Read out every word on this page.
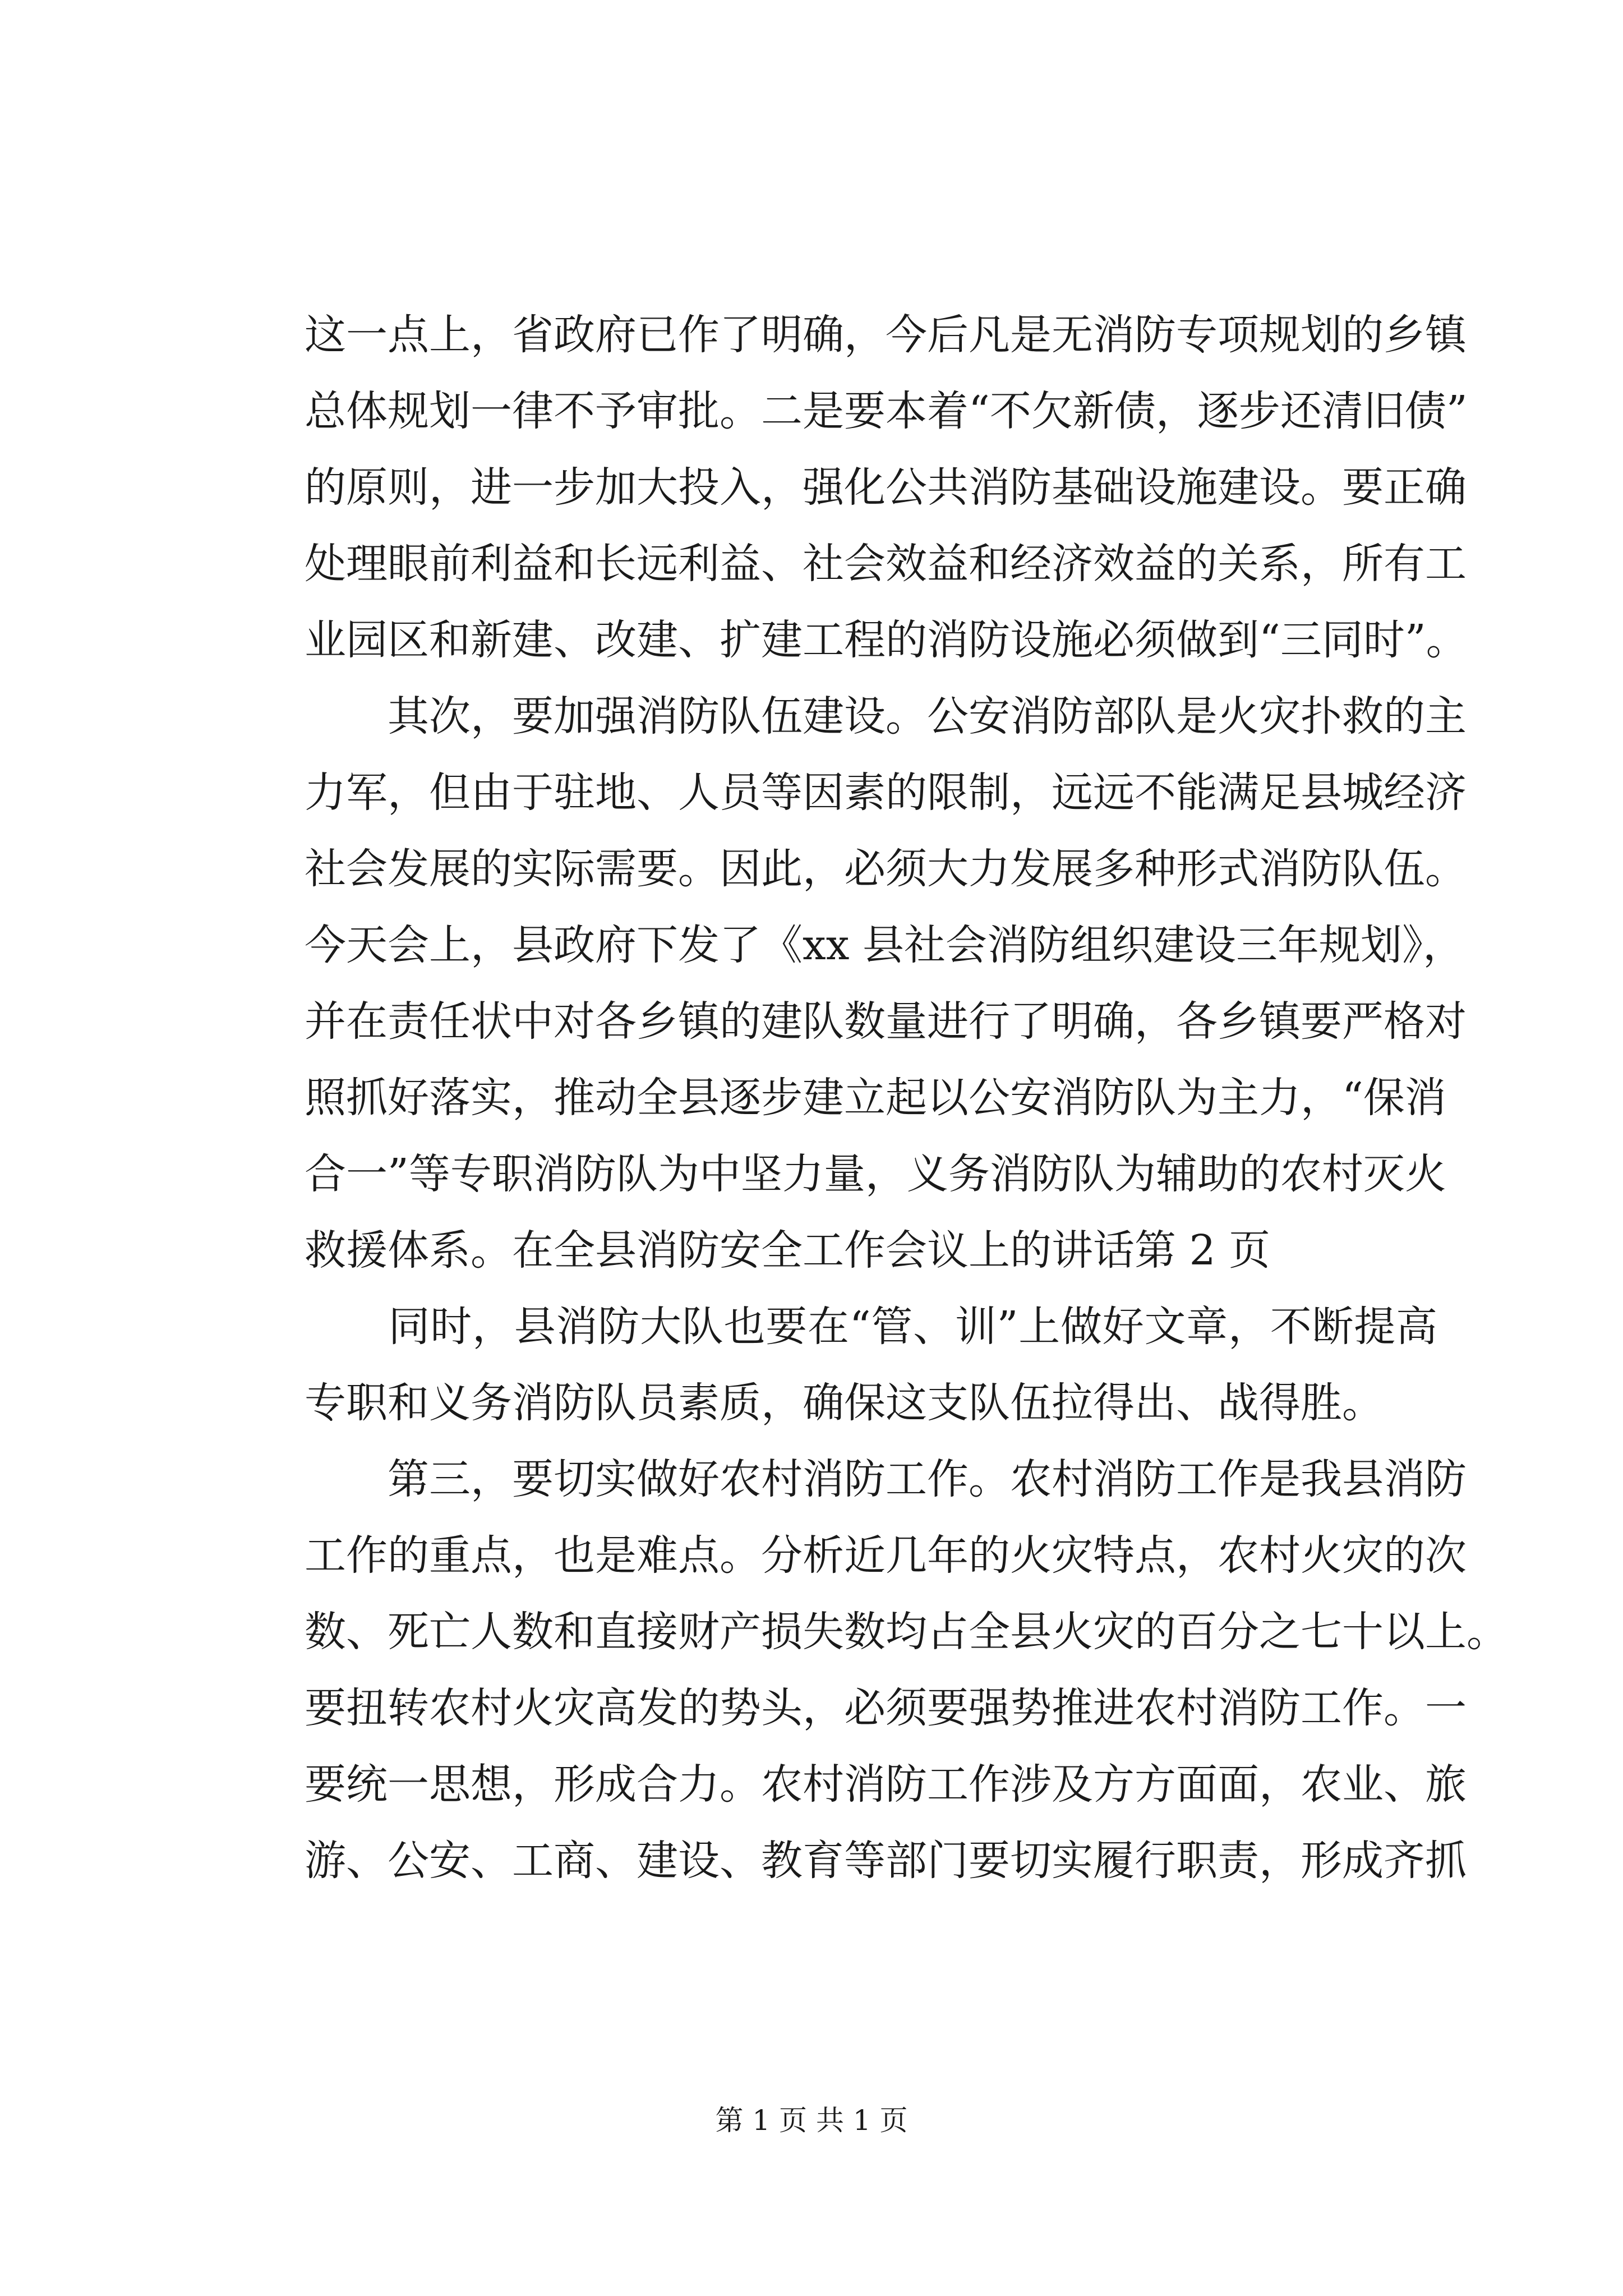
这一点上，省政府已作了明确，今后凡是无消防专项规划的乡镇
总体规划一律不予审批。二是要本着“不欠新债，逐步还清旧债”
的原则，进一步加大投入，强化公共消防基础设施建设。要正确
处理眼前利益和长远利益、社会效益和经济效益的关系，所有工
业园区和新建、改建、扩建工程的消防设施必须做到“三同时”。
　　其次，要加强消防队伍建设。公安消防部队是火灾扑救的主
力军，但由于驻地、人员等因素的限制，远远不能满足县城经济
社会发展的实际需要。因此，必须大力发展多种形式消防队伍。
今天会上，县政府下发了《xx 县社会消防组织建设三年规划》，
并在责任状中对各乡镇的建队数量进行了明确，各乡镇要严格对
照抓好落实，推动全县逐步建立起以公安消防队为主力，“保消
合一”等专职消防队为中坚力量，义务消防队为辅助的农村灭火
救援体系。在全县消防安全工作会议上的讲话第 2 页
　　同时，县消防大队也要在“管、训”上做好文章，不断提高
专职和义务消防队员素质，确保这支队伍拉得出、战得胜。
　　第三，要切实做好农村消防工作。农村消防工作是我县消防
工作的重点，也是难点。分析近几年的火灾特点，农村火灾的次
数、死亡人数和直接财产损失数均占全县火灾的百分之七十以上。
要扭转农村火灾高发的势头，必须要强势推进农村消防工作。一
要统一思想，形成合力。农村消防工作涉及方方面面，农业、旅
游、公安、工商、建设、教育等部门要切实履行职责，形成齐抓
第 1 页 共 1 页
